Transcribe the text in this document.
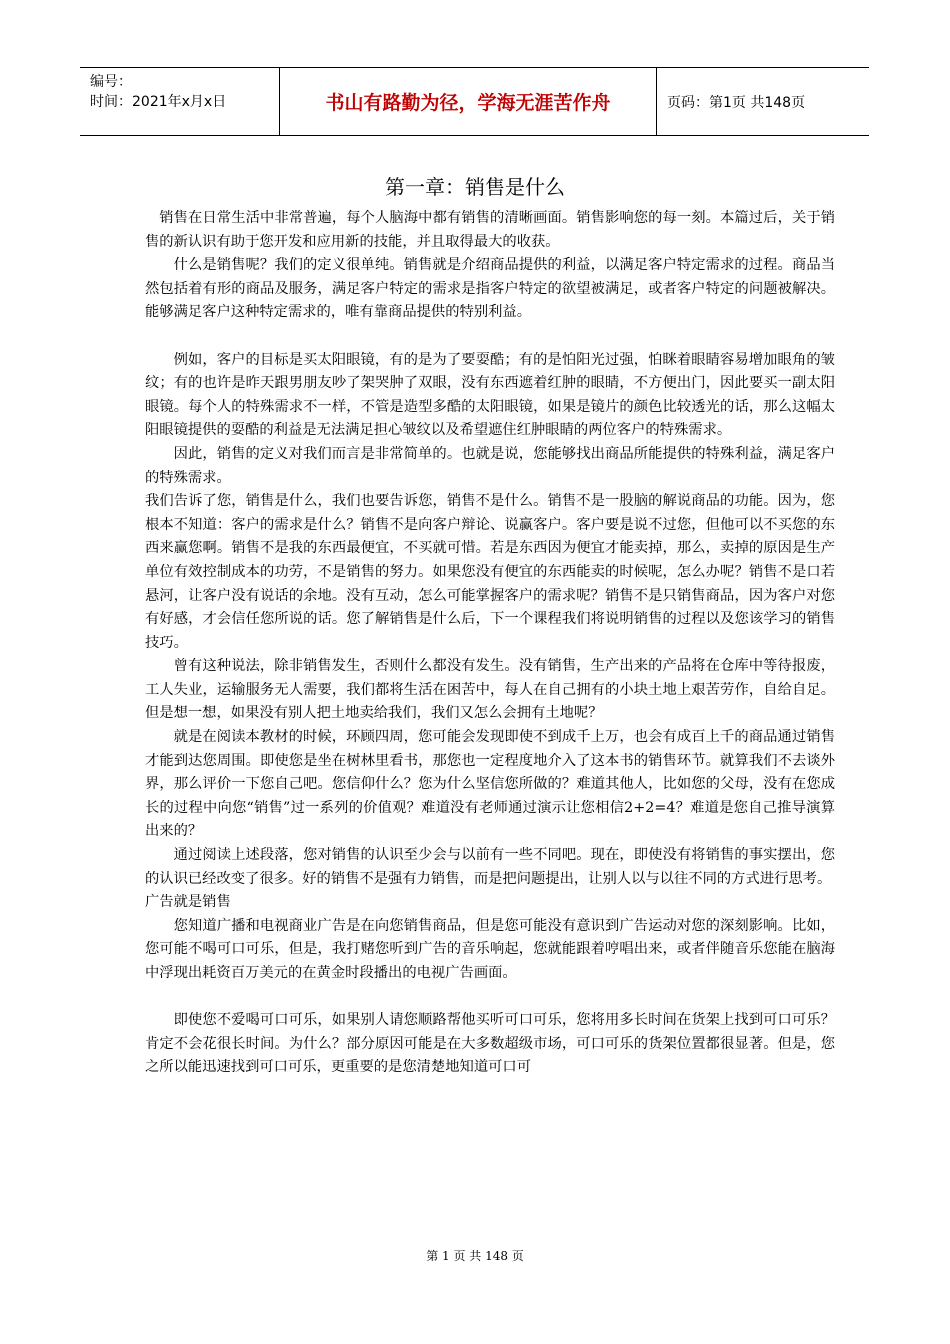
编号：
时间：2021年x月x日	书山有路勤为径，学海无涯苦作舟	页码：第1页 共148页
第一章：销售是什么

销售在日常生活中非常普遍，每个人脑海中都有销售的清晰画面。销售影响您的每一刻。本篇过后，关于销售的新认识有助于您开发和应用新的技能，并且取得最大的收获。

什么是销售呢？我们的定义很单纯。销售就是介绍商品提供的利益，以满足客户特定需求的过程。商品当然包括着有形的商品及服务，满足客户特定的需求是指客户特定的欲望被满足，或者客户特定的问题被解决。能够满足客户这种特定需求的，唯有靠商品提供的特别利益。

例如，客户的目标是买太阳眼镜，有的是为了要耍酷；有的是怕阳光过强，怕眯着眼睛容易增加眼角的皱纹；有的也许是昨天跟男朋友吵了架哭肿了双眼，没有东西遮着红肿的眼睛，不方便出门，因此要买一副太阳眼镜。每个人的特殊需求不一样，不管是造型多酷的太阳眼镜，如果是镜片的颜色比较透光的话，那么这幅太阳眼镜提供的耍酷的利益是无法满足担心皱纹以及希望遮住红肿眼睛的两位客户的特殊需求。

因此，销售的定义对我们而言是非常简单的。也就是说，您能够找出商品所能提供的特殊利益，满足客户的特殊需求。

我们告诉了您，销售是什么，我们也要告诉您，销售不是什么。销售不是一股脑的解说商品的功能。因为，您根本不知道：客户的需求是什么？销售不是向客户辩论、说赢客户。客户要是说不过您，但他可以不买您的东西来赢您啊。销售不是我的东西最便宜，不买就可惜。若是东西因为便宜才能卖掉，那么，卖掉的原因是生产单位有效控制成本的功劳，不是销售的努力。如果您没有便宜的东西能卖的时候呢，怎么办呢？销售不是口若悬河，让客户没有说话的余地。没有互动，怎么可能掌握客户的需求呢？销售不是只销售商品，因为客户对您有好感，才会信任您所说的话。您了解销售是什么后，下一个课程我们将说明销售的过程以及您该学习的销售技巧。

曾有这种说法，除非销售发生，否则什么都没有发生。没有销售，生产出来的产品将在仓库中等待报废，工人失业，运输服务无人需要，我们都将生活在困苦中，每人在自己拥有的小块土地上艰苦劳作，自给自足。但是想一想，如果没有别人把土地卖给我们，我们又怎么会拥有土地呢？

就是在阅读本教材的时候，环顾四周，您可能会发现即使不到成千上万，也会有成百上千的商品通过销售才能到达您周围。即使您是坐在树林里看书，那您也一定程度地介入了这本书的销售环节。就算我们不去谈外界，那么评价一下您自己吧。您信仰什么？您为什么坚信您所做的？难道其他人，比如您的父母，没有在您成长的过程中向您“销售”过一系列的价值观？难道没有老师通过演示让您相信2+2=4？难道是您自己推导演算出来的？

通过阅读上述段落，您对销售的认识至少会与以前有一些不同吧。现在，即使没有将销售的事实摆出，您的认识已经改变了很多。好的销售不是强有力销售，而是把问题提出，让别人以与以往不同的方式进行思考。

广告就是销售

您知道广播和电视商业广告是在向您销售商品，但是您可能没有意识到广告运动对您的深刻影响。比如，您可能不喝可口可乐，但是，我打赌您听到广告的音乐响起，您就能跟着哼唱出来，或者伴随音乐您能在脑海中浮现出耗资百万美元的在黄金时段播出的电视广告画面。

即使您不爱喝可口可乐，如果别人请您顺路帮他买听可口可乐，您将用多长时间在货架上找到可口可乐？肯定不会花很长时间。为什么？部分原因可能是在大多数超级市场，可口可乐的货架位置都很显著。但是，您之所以能迅速找到可口可乐，更重要的是您清楚地知道可口可

第 1 页 共 148 页
